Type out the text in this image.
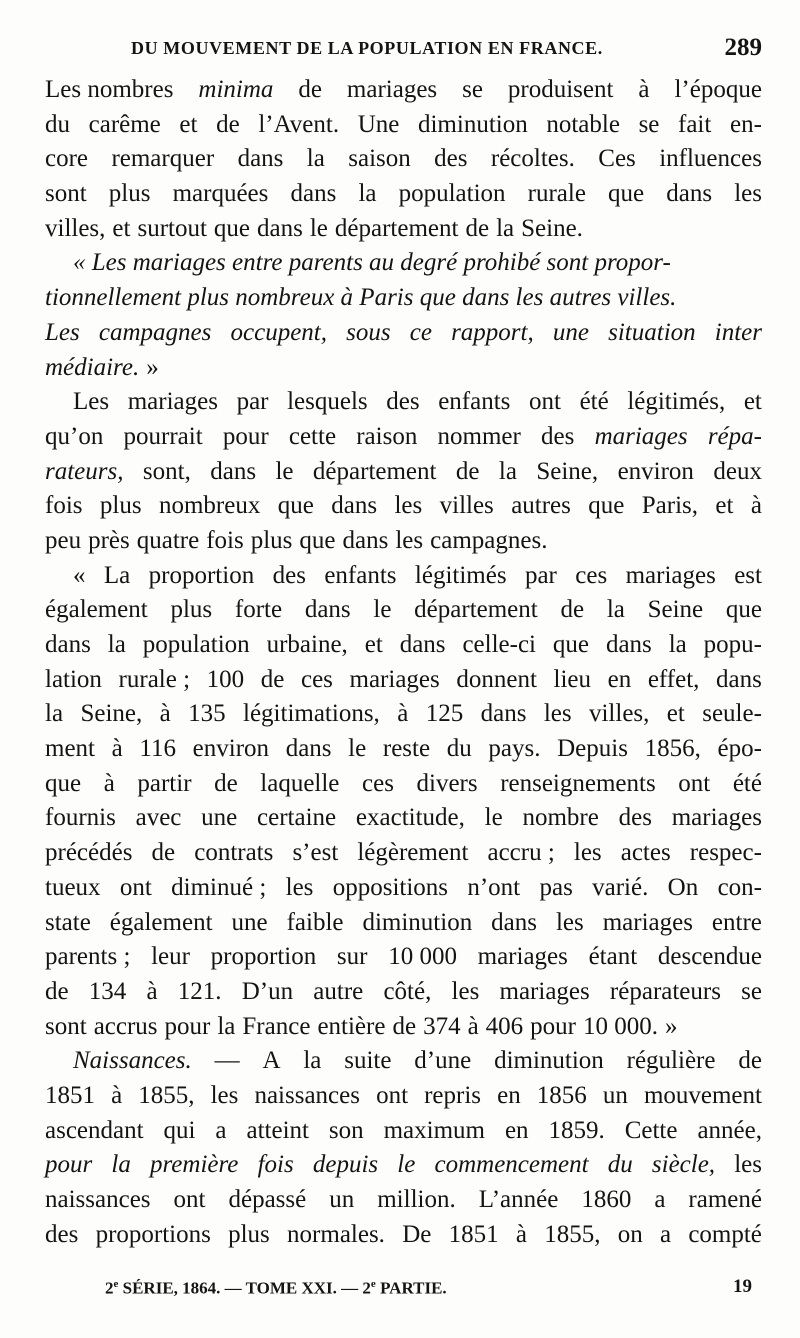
DU MOUVEMENT DE LA POPULATION EN FRANCE.	289
Les nombres minima de mariages se produisent à l’époque
du carême et de l’Avent. Une diminution notable se fait en-
core remarquer dans la saison des récoltes. Ces influences
sont plus marquées dans la population rurale que dans les
villes, et surtout que dans le département de la Seine.
« Les mariages entre parents au degré prohibé sont propor-
tionnellement plus nombreux à Paris que dans les autres villes.
Les campagnes occupent, sous ce rapport, une situation inter
médiaire. »
Les mariages par lesquels des enfants ont été légitimés, et
qu’on pourrait pour cette raison nommer des mariages répa-
rateurs, sont, dans le département de la Seine, environ deux
fois plus nombreux que dans les villes autres que Paris, et à
peu près quatre fois plus que dans les campagnes.
« La proportion des enfants légitimés par ces mariages est
également plus forte dans le département de la Seine que
dans la population urbaine, et dans celle-ci que dans la popu-
lation rurale ; 100 de ces mariages donnent lieu en effet, dans
la Seine, à 135 légitimations, à 125 dans les villes, et seule-
ment à 116 environ dans le reste du pays. Depuis 1856, épo-
que à partir de laquelle ces divers renseignements ont été
fournis avec une certaine exactitude, le nombre des mariages
précédés de contrats s’est légèrement accru ; les actes respec-
tueux ont diminué ; les oppositions n’ont pas varié. On con-
state également une faible diminution dans les mariages entre
parents ; leur proportion sur 10 000 mariages étant descendue
de 134 à 121. D’un autre côté, les mariages réparateurs se
sont accrus pour la France entière de 374 à 406 pour 10 000. »
Naissances. — A la suite d’une diminution régulière de
1851 à 1855, les naissances ont repris en 1856 un mouvement
ascendant qui a atteint son maximum en 1859. Cette année,
pour la première fois depuis le commencement du siècle, les
naissances ont dépassé un million. L’année 1860 a ramené
des proportions plus normales. De 1851 à 1855, on a compté
2e SÉRIE, 1864. — TOME XXI. — 2e PARTIE.	19
